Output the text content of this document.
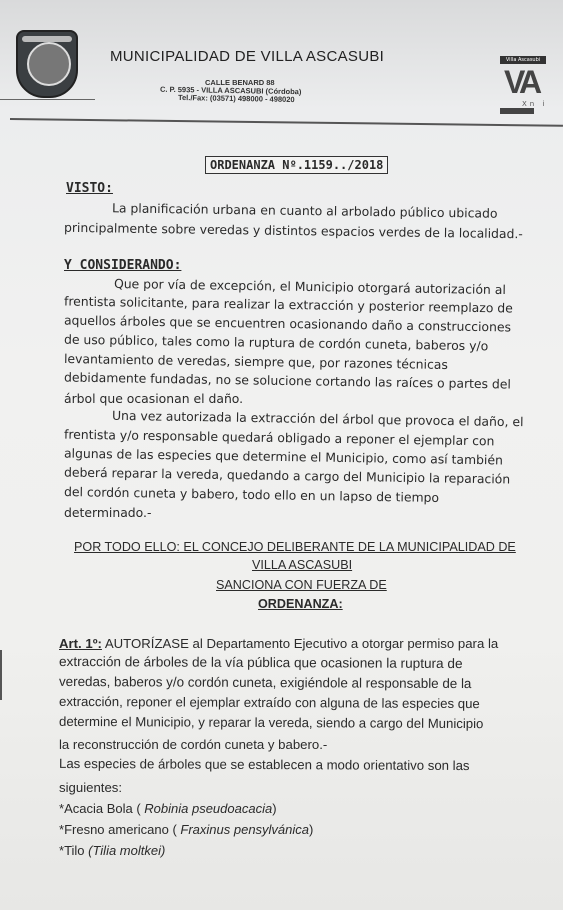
MUNICIPALIDAD DE VILLA ASCASUBI
CALLE BENARD 88
C. P. 5935 - VILLA ASCASUBI (Córdoba)
Tel./Fax: (03571) 498000 - 498020
Villa Ascasubi
VA
Xn i
ORDENANZA Nº.1159../2018
VISTO:
La planificación urbana en cuanto al arbolado público ubicado
principalmente sobre veredas y distintos espacios verdes de la localidad.-
Y CONSIDERANDO:
Que por vía de excepción, el Municipio otorgará autorización al
frentista solicitante, para realizar la extracción y posterior reemplazo de
aquellos árboles que se encuentren ocasionando daño a construcciones
de uso público, tales como la ruptura de cordón cuneta, baberos y/o
levantamiento de veredas, siempre que, por razones técnicas
debidamente fundadas, no se solucione cortando las raíces o partes del
árbol que ocasionan el daño.
Una vez autorizada la extracción del árbol que provoca el daño, el
frentista y/o responsable quedará obligado a reponer el ejemplar con
algunas de las especies que determine el Municipio, como así también
deberá reparar la vereda, quedando a cargo del Municipio la reparación
del cordón cuneta y babero, todo ello en un lapso de tiempo
determinado.-
POR TODO ELLO: EL CONCEJO DELIBERANTE DE LA MUNICIPALIDAD DE
VILLA ASCASUBI
SANCIONA CON FUERZA DE
ORDENANZA:
Art. 1º: AUTORÍZASE al Departamento Ejecutivo a otorgar permiso para la
extracción de árboles de la vía pública que ocasionen la ruptura de
veredas, baberos y/o cordón cuneta, exigiéndole al responsable de la
extracción, reponer el ejemplar extraído con alguna de las especies que
determine el Municipio, y reparar la vereda, siendo a cargo del Municipio
la reconstrucción de cordón cuneta y babero.-
Las especies de árboles que se establecen a modo orientativo son las
siguientes:
*Acacia Bola ( Robinia pseudoacacia)
*Fresno americano ( Fraxinus pensylvánica)
*Tilo (Tilia moltkei)
